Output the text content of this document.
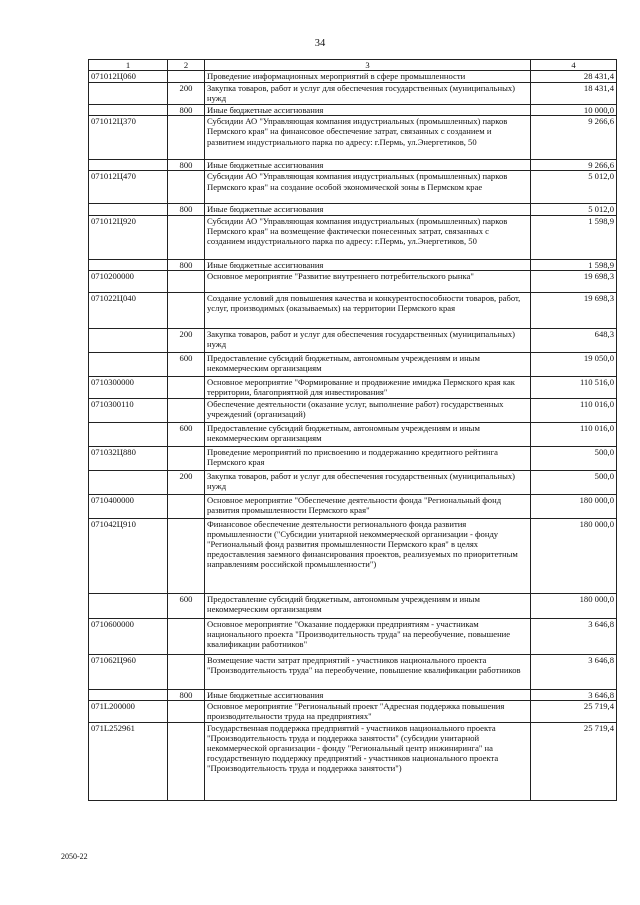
34
1	2	3	4
071012Ц060		Проведение информационных мероприятий в сфере промышленности	28 431,4
	200	Закупка товаров, работ и услуг для обеспечения государственных (муниципальных) нужд	18 431,4
	800	Иные бюджетные ассигнования	10 000,0
071012Ц370		Субсидии АО "Управляющая компания индустриальных (промышленных) парков Пермского края" на финансовое обеспечение затрат, связанных с созданием и развитием индустриального парка по адресу: г.Пермь, ул.Энергетиков, 50	9 266,6
	800	Иные бюджетные ассигнования	9 266,6
071012Ц470		Субсидии АО "Управляющая компания индустриальных (промышленных) парков Пермского края" на создание особой экономической зоны в Пермском крае	5 012,0
	800	Иные бюджетные ассигнования	5 012,0
071012Ц920		Субсидии АО "Управляющая компания индустриальных (промышленных) парков Пермского края" на возмещение фактически понесенных затрат, связанных с созданием индустриального парка по адресу: г.Пермь, ул.Энергетиков, 50	1 598,9
	800	Иные бюджетные ассигнования	1 598,9
0710200000		Основное мероприятие "Развитие внутреннего потребительского рынка"	19 698,3
071022Ц040		Создание условий для повышения качества и конкурентоспособности товаров, работ, услуг, производимых (оказываемых) на территории Пермского края	19 698,3
	200	Закупка товаров, работ и услуг для обеспечения государственных (муниципальных) нужд	648,3
	600	Предоставление субсидий бюджетным, автономным учреждениям и иным некоммерческим организациям	19 050,0
0710300000		Основное мероприятие "Формирование и продвижение имиджа Пермского края как территории, благоприятной для инвестирования"	110 516,0
0710300110		Обеспечение деятельности (оказание услуг, выполнение работ) государственных учреждений (организаций)	110 016,0
	600	Предоставление субсидий бюджетным, автономным учреждениям и иным некоммерческим организациям	110 016,0
071032Ц880		Проведение мероприятий по присвоению и поддержанию кредитного рейтинга Пермского края	500,0
	200	Закупка товаров, работ и услуг для обеспечения государственных (муниципальных) нужд	500,0
0710400000		Основное мероприятие "Обеспечение деятельности фонда "Региональный фонд развития промышленности Пермского края"	180 000,0
071042Ц910		Финансовое обеспечение деятельности регионального фонда развития промышленности ("Субсидии унитарной некоммерческой организации - фонду "Региональный фонд развития промышленности Пермского края" в целях предоставления заемного финансирования проектов, реализуемых по приоритетным направлениям российской промышленности")	180 000,0
	600	Предоставление субсидий бюджетным, автономным учреждениям и иным некоммерческим организациям	180 000,0
0710600000		Основное мероприятие "Оказание поддержки предприятиям - участникам национального проекта "Производительность труда" на переобучение, повышение квалификации работников"	3 646,8
071062Ц960		Возмещение части затрат предприятий - участников национального проекта "Производительность труда" на переобучение, повышение квалификации работников	3 646,8
	800	Иные бюджетные ассигнования	3 646,8
071L200000		Основное мероприятие "Региональный проект "Адресная поддержка повышения производительности труда на предприятиях"	25 719,4
071L252961		Государственная поддержка предприятий - участников национального проекта "Производительность труда и поддержка занятости" (субсидии унитарной некоммерческой организации - фонду "Региональный центр инжиниринга" на государственную поддержку предприятий - участников национального проекта "Производительность труда и поддержка занятости")	25 719,4
2050-22
